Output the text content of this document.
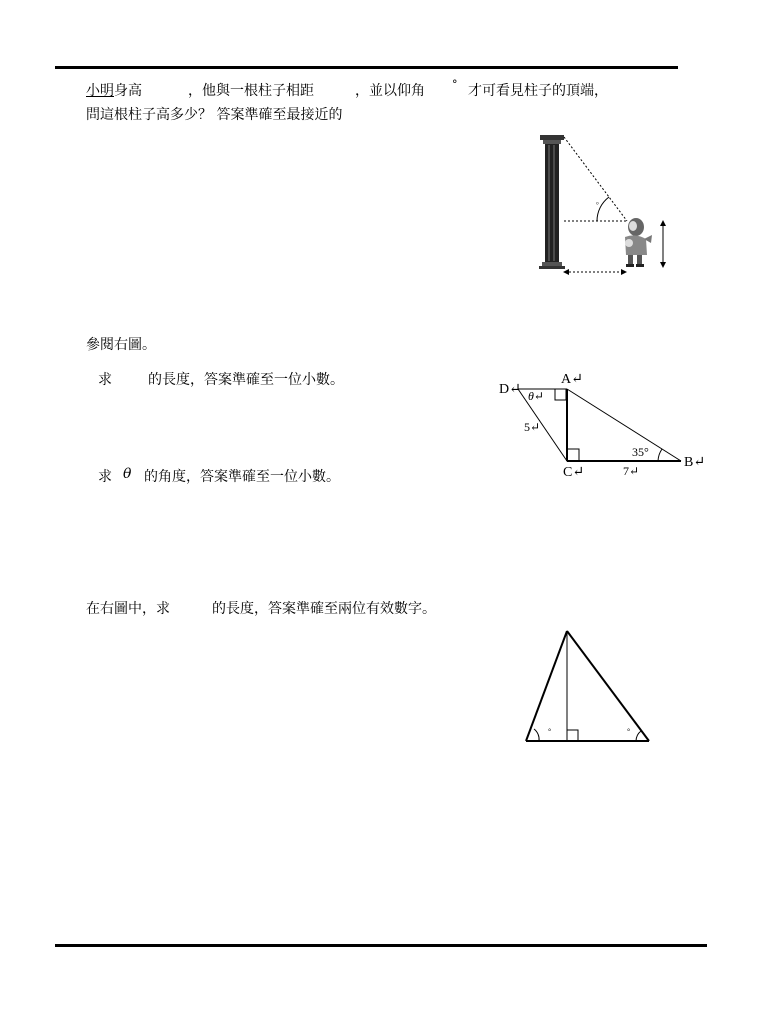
小明 身高	，他與一根柱子相距	，並以仰角 ° 才可看見柱子的頂端，
問這根柱子高多少？ 答案準確至最接近的
°
參閱右圖。
求	的長度，答案準確至一位小數。
求 θ 的角度，答案準確至一位小數。
A↵
B↵
C↵
D↵ θ↵
5↵
7↵
35°
在右圖中，求	的長度，答案準確至兩位有效數字。
°	°
